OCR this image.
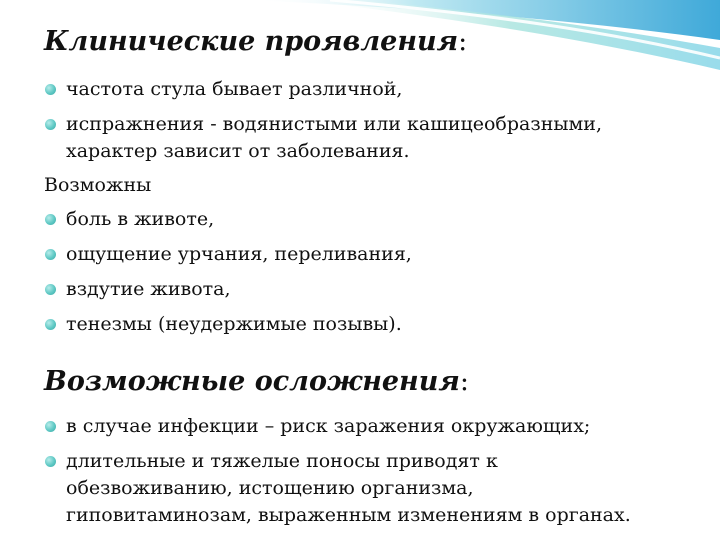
Клинические проявления:

частота стула бывает различной,

испражнения - водянистыми или кашицеобразными,

характер зависит от заболевания.

Возможны

боль в животе,

ощущение урчания, переливания,

вздутие живота,

тенезмы (неудержимые позывы).

Возможные осложнения:

в случае инфекции – риск заражения окружающих;

длительные и тяжелые поносы приводят к

обезвоживанию, истощению организма,

гиповитаминозам, выраженным изменениям в органах.
